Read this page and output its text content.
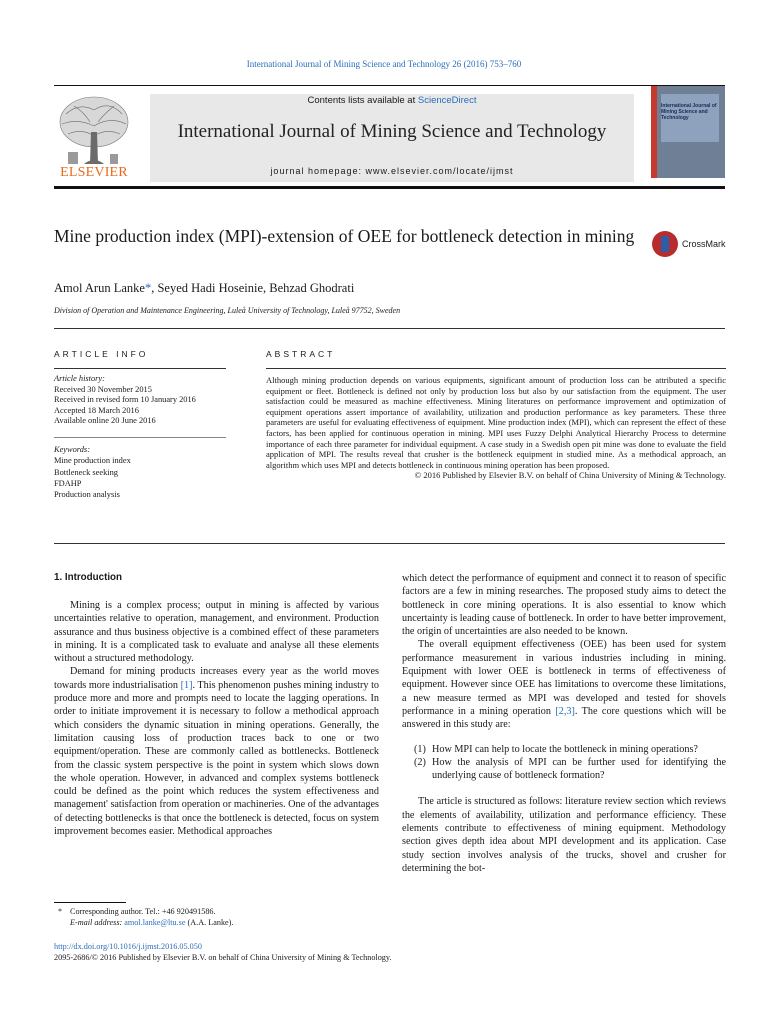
International Journal of Mining Science and Technology 26 (2016) 753–760
ELSEVIER
Contents lists available at ScienceDirect
International Journal of Mining Science and Technology
journal homepage: www.elsevier.com/locate/ijmst
International Journal of Mining Science and Technology
Mine production index (MPI)-extension of OEE for bottleneck detection in mining	CrossMark
Amol Arun Lanke*, Seyed Hadi Hoseinie, Behzad Ghodrati
Division of Operation and Maintenance Engineering, Luleå University of Technology, Luleå 97752, Sweden
ARTICLE INFO	ABSTRACT
Article history:
Received 30 November 2015
Received in revised form 10 January 2016
Accepted 18 March 2016
Available online 20 June 2016
Keywords:
Mine production index
Bottleneck seeking
FDAHP
Production analysis
Although mining production depends on various equipments, significant amount of production loss can be attributed a specific equipment or fleet. Bottleneck is defined not only by production loss but also by our satisfaction from the equipment. The user satisfaction could be measured as machine effectiveness. Mining literatures on performance improvement and optimization of equipment operations assert importance of availability, utilization and production performance as key parameters. These three parameters are useful for evaluating effectiveness of equipment. Mine production index (MPI), which can represent the effect of these factors, has been applied for continuous operation in mining. MPI uses Fuzzy Delphi Analytical Hierarchy Process to determine importance of each three parameter for individual equipment. A case study in a Swedish open pit mine was done to evaluate the field application of MPI. The results reveal that crusher is the bottleneck equipment in studied mine. As a methodical approach, an algorithm which uses MPI and detects bottleneck in continuous mining operation has been proposed.
© 2016 Published by Elsevier B.V. on behalf of China University of Mining & Technology.
1. Introduction

Mining is a complex process; output in mining is affected by various uncertainties relative to operation, management, and environment. Production assurance and thus business objective is a combined effect of these parameters in mining. It is a complicated task to evaluate and analyse all these elements without a structured methodology.

Demand for mining products increases every year as the world moves towards more industrialisation [1]. This phenomenon pushes mining industry to produce more and more and prompts need to locate the lagging operations. In order to initiate improvement it is necessary to follow a methodical approach which considers the dynamic situation in mining operations. Generally, the limitation causing loss of production traces back to one or two equipment/operation. These are commonly called as bottlenecks. Bottleneck from the classic system perspective is the point in system which slows down the whole operation. However, in advanced and complex systems bottleneck could be defined as the point which reduces the system effectiveness and management' satisfaction from operation or machineries. One of the advantages of detecting bottlenecks is that once the bottleneck is detected, focus on system improvement becomes easier. Methodical approaches

which detect the performance of equipment and connect it to reason of specific factors are a few in mining researches. The proposed study aims to detect the bottleneck in core mining operations. It is also essential to know which uncertainty is leading cause of bottleneck. In order to have better improvement, the origin of uncertainties are also needed to be known.

The overall equipment effectiveness (OEE) has been used for system performance measurement in various industries including in mining. Equipment with lower OEE is bottleneck in terms of effectiveness of equipment. However since OEE has limitations to overcome these limitations, a new measure termed as MPI was developed and tested for shovels performance in a mining operation [2,3]. The core questions which will be answered in this study are:

(1) How MPI can help to locate the bottleneck in mining operations?

(2) How the analysis of MPI can be further used for identifying the underlying cause of bottleneck formation?

The article is structured as follows: literature review section which reviews the elements of availability, utilization and performance efficiency. These elements contribute to effectiveness of mining equipment. Methodology section gives depth idea about MPI development and its application. Case study section involves analysis of the trucks, shovel and crusher for determining the bot-

* Corresponding author. Tel.: +46 920491586.
E-mail address: amol.lanke@ltu.se (A.A. Lanke).
http://dx.doi.org/10.1016/j.ijmst.2016.05.050
2095-2686/© 2016 Published by Elsevier B.V. on behalf of China University of Mining & Technology.
